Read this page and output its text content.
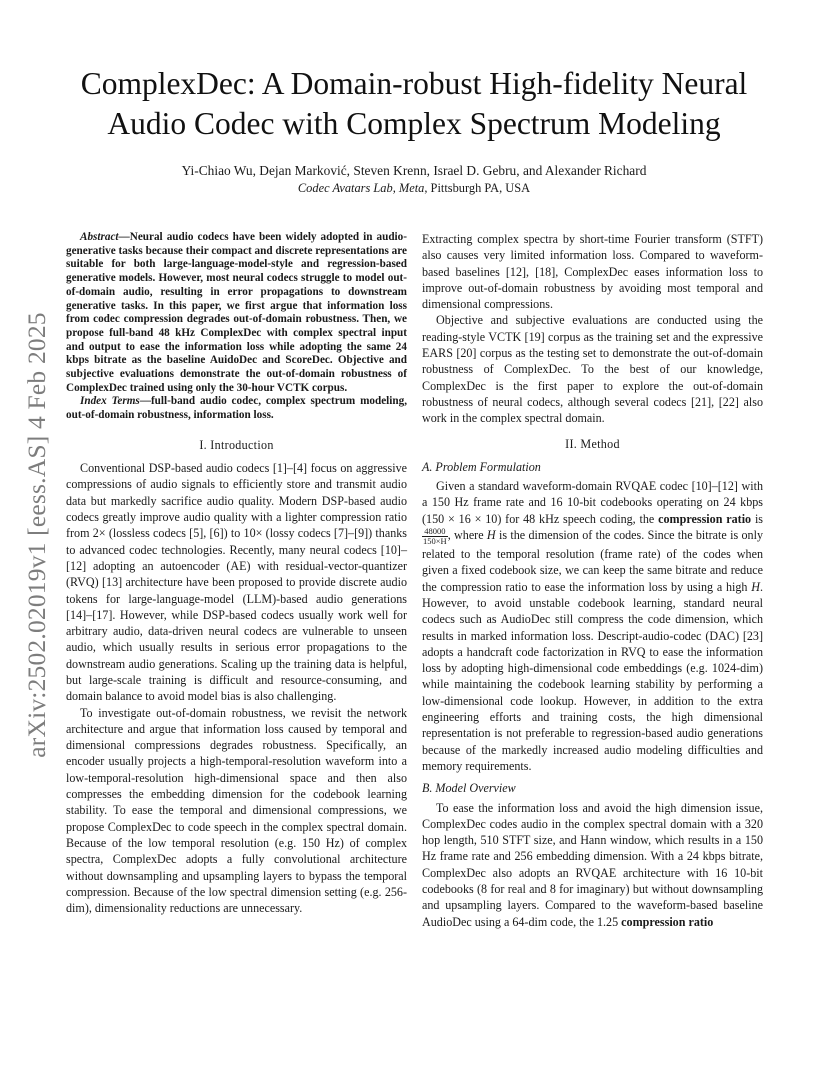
arXiv:2502.02019v1 [eess.AS] 4 Feb 2025
ComplexDec: A Domain-robust High-fidelity Neural
Audio Codec with Complex Spectrum Modeling
Yi-Chiao Wu, Dejan Marković, Steven Krenn, Israel D. Gebru, and Alexander Richard
Codec Avatars Lab, Meta, Pittsburgh PA, USA

Abstract—Neural audio codecs have been widely adopted in audio-generative tasks because their compact and discrete representations are suitable for both large-language-model-style and regression-based generative models. However, most neural codecs struggle to model out-of-domain audio, resulting in error propagations to downstream generative tasks. In this paper, we first argue that information loss from codec compression degrades out-of-domain robustness. Then, we propose full-band 48 kHz ComplexDec with complex spectral input and output to ease the information loss while adopting the same 24 kbps bitrate as the baseline AuidoDec and ScoreDec. Objective and subjective evaluations demonstrate the out-of-domain robustness of ComplexDec trained using only the 30-hour VCTK corpus.

Index Terms—full-band audio codec, complex spectrum modeling, out-of-domain robustness, information loss.

I. Introduction

Conventional DSP-based audio codecs [1]–[4] focus on aggressive compressions of audio signals to efficiently store and transmit audio data but markedly sacrifice audio quality. Modern DSP-based audio codecs greatly improve audio quality with a lighter compression ratio from 2× (lossless codecs [5], [6]) to 10× (lossy codecs [7]–[9]) thanks to advanced codec technologies. Recently, many neural codecs [10]–[12] adopting an autoencoder (AE) with residual-vector-quantizer (RVQ) [13] architecture have been proposed to provide discrete audio tokens for large-language-model (LLM)-based audio generations [14]–[17]. However, while DSP-based codecs usually work well for arbitrary audio, data-driven neural codecs are vulnerable to unseen audio, which usually results in serious error propagations to the downstream audio generations. Scaling up the training data is helpful, but large-scale training is difficult and resource-consuming, and domain balance to avoid model bias is also challenging.

To investigate out-of-domain robustness, we revisit the network architecture and argue that information loss caused by temporal and dimensional compressions degrades robustness. Specifically, an encoder usually projects a high-temporal-resolution waveform into a low-temporal-resolution high-dimensional space and then also compresses the embedding dimension for the codebook learning stability. To ease the temporal and dimensional compressions, we propose ComplexDec to code speech in the complex spectral domain. Because of the low temporal resolution (e.g. 150 Hz) of complex spectra, ComplexDec adopts a fully convolutional architecture without downsampling and upsampling layers to bypass the temporal compression. Because of the low spectral dimension setting (e.g. 256-dim), dimensionality reductions are unnecessary.

Extracting complex spectra by short-time Fourier transform (STFT) also causes very limited information loss. Compared to waveform-based baselines [12], [18], ComplexDec eases information loss to improve out-of-domain robustness by avoiding most temporal and dimensional compressions.

Objective and subjective evaluations are conducted using the reading-style VCTK [19] corpus as the training set and the expressive EARS [20] corpus as the testing set to demonstrate the out-of-domain robustness of ComplexDec. To the best of our knowledge, ComplexDec is the first paper to explore the out-of-domain robustness of neural codecs, although several codecs [21], [22] also work in the complex spectral domain.

II. Method
A. Problem Formulation

Given a standard waveform-domain RVQAE codec [10]–[12] with a 150 Hz frame rate and 16 10-bit codebooks operating on 24 kbps (150 × 16 × 10) for 48 kHz speech coding, the compression ratio is
$\frac{48000}{150\times H}$ , where H is the dimension of the codes. Since the bitrate is only related to the temporal resolution (frame rate) of the codes when given a fixed codebook size, we can keep the same bitrate and reduce the compression ratio to ease the information loss by using a high H. However, to avoid unstable codebook learning, standard neural codecs such as AudioDec still compress the code dimension, which results in marked information loss. Descript-audio-codec (DAC) [23] adopts a handcraft code factorization in RVQ to ease the information loss by adopting high-dimensional code embeddings (e.g. 1024-dim) while maintaining the codebook learning stability by performing a low-dimensional code lookup. However, in addition to the extra engineering efforts and training costs, the high dimensional representation is not preferable to regression-based audio generations because of the markedly increased audio modeling difficulties and memory requirements.

B. Model Overview

To ease the information loss and avoid the high dimension issue, ComplexDec codes audio in the complex spectral domain with a 320 hop length, 510 STFT size, and Hann window, which results in a 150 Hz frame rate and 256 embedding dimension. With a 24 kbps bitrate, ComplexDec also adopts an RVQAE architecture with 16 10-bit codebooks (8 for real and 8 for imaginary) but without downsampling and upsampling layers. Compared to the waveform-based baseline AudioDec using a 64-dim code, the 1.25 compression ratio
